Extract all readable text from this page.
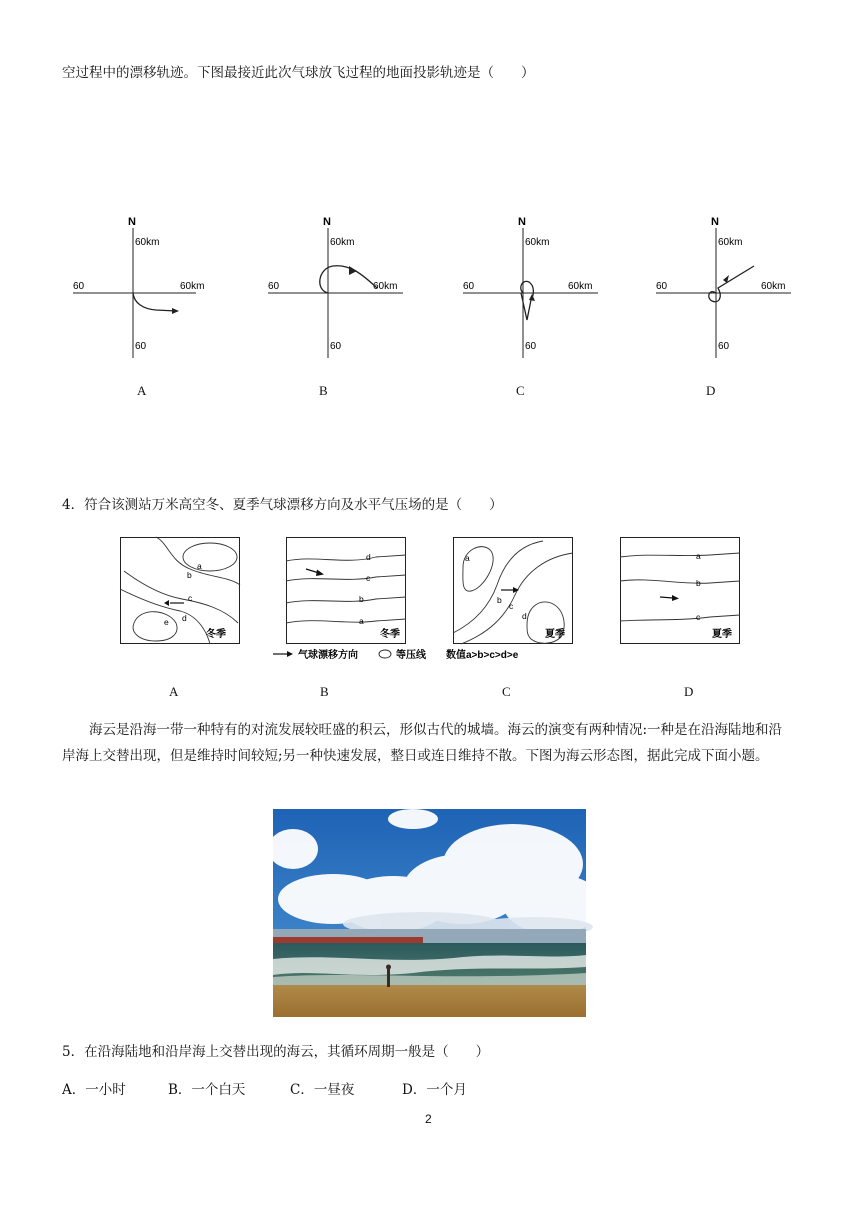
空过程中的漂移轨迹。下图最接近此次气球放飞过程的地面投影轨迹是（　　）
N
60km
60	60km
60
A
N
60km
60	60km
60
B
N
60km
60	60km
60
C
N
60km
60	60km
60
D
4．符合该测站万米高空冬、夏季气球漂移方向及水平气压场的是（　　）
a
b
c
d
e
冬季
A
d
c
b
a
冬季
B
a
b
c
d
夏季
C
a
b
c
夏季
D
气球漂移方向	等压线 数值a>b>c>d>e
海云是沿海一带一种特有的对流发展较旺盛的积云，形似古代的城墙。海云的演变有两种情况:一种是在沿海陆地和沿岸海上交替出现，但是维持时间较短;另一种快速发展，整日或连日维持不散。下图为海云形态图，据此完成下面小题。
5．在沿海陆地和沿岸海上交替出现的海云，其循环周期一般是（　　）
A．一小时	B．一个白天	C．一昼夜	D．一个月
2
